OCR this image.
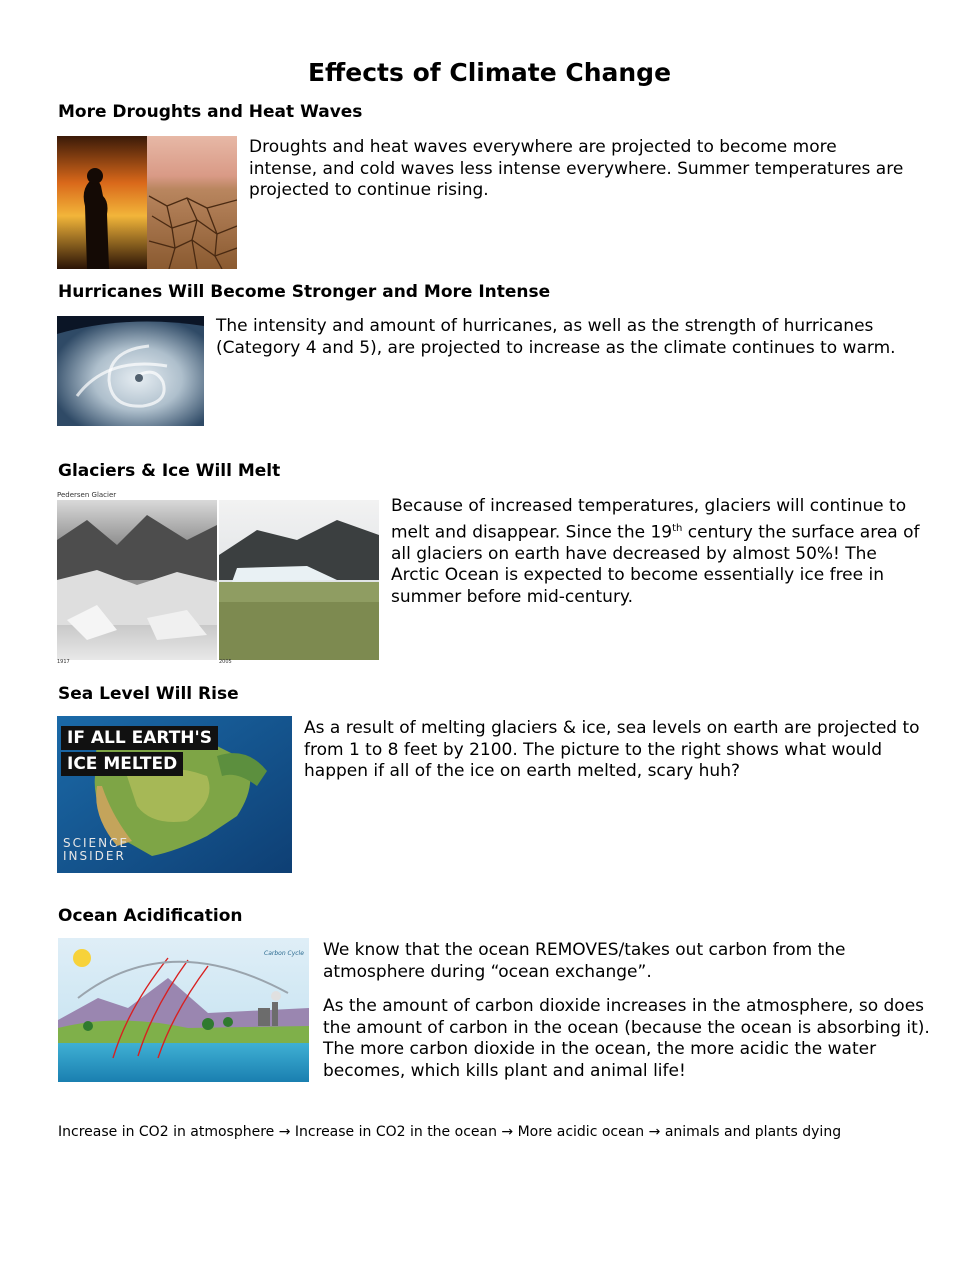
Effects of Climate Change
More Droughts and Heat Waves

Droughts and heat waves everywhere are projected to become more intense, and cold waves less intense everywhere. Summer temperatures are projected to continue rising.

Hurricanes Will Become Stronger and More Intense

The intensity and amount of hurricanes, as well as the strength of hurricanes (Category 4 and 5), are projected to increase as the climate continues to warm.

Glaciers & Ice Will Melt
Pedersen Glacier
1917	2005

Because of increased temperatures, glaciers will continue to melt and disappear. Since the 19th century the surface area of all glaciers on earth have decreased by almost 50%! The Arctic Ocean is expected to become essentially ice free in summer before mid-century.

Sea Level Will Rise
IF ALL EARTH'S
ICE MELTED
SCIENCE
INSIDER

As a result of melting glaciers & ice, sea levels on earth are projected to from 1 to 8 feet by 2100. The picture to the right shows what would happen if all of the ice on earth melted, scary huh?

Ocean Acidification
Carbon Cycle We know that the ocean REMOVES/takes out carbon from the atmosphere during “ocean exchange”.

As the amount of carbon dioxide increases in the atmosphere, so does the amount of carbon in the ocean (because the ocean is absorbing it). The more carbon dioxide in the ocean, the more acidic the water becomes, which kills plant and animal life!

Increase in CO2 in atmosphere → Increase in CO2 in the ocean → More acidic ocean → animals and plants dying
